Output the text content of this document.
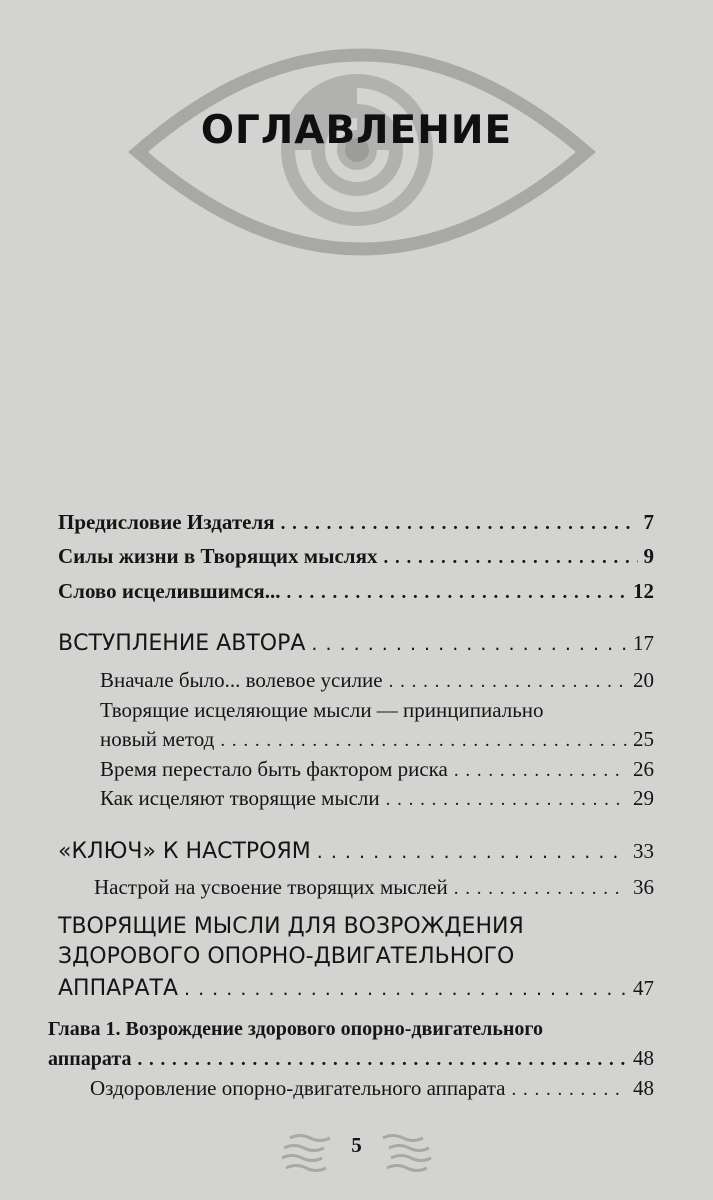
ОГЛАВЛЕНИЕ
Предисловие Издателя . . .	7
Силы жизни в Творящих мыслях . . .	9
Слово исцелившимся... . . .	12
ВСТУПЛЕНИЕ АВТОРА . . .	17
Вначале было... волевое усилие . . .	20
Творящие исцеляющие мысли — принципиально
новый метод . . .	25
Время перестало быть фактором риска . . .	26
Как исцеляют творящие мысли . . .	29
«КЛЮЧ» К НАСТРОЯМ . . .	33
Настрой на усвоение творящих мыслей . . .	36
ТВОРЯЩИЕ МЫСЛИ ДЛЯ ВОЗРОЖДЕНИЯ
ЗДОРОВОГО ОПОРНО-ДВИГАТЕЛЬНОГО
АППАРАТА . . .	47
Глава 1. Возрождение здорового опорно-двигательного
аппарата . . .	48
Оздоровление опорно-двигательного аппарата . . .	48
5
